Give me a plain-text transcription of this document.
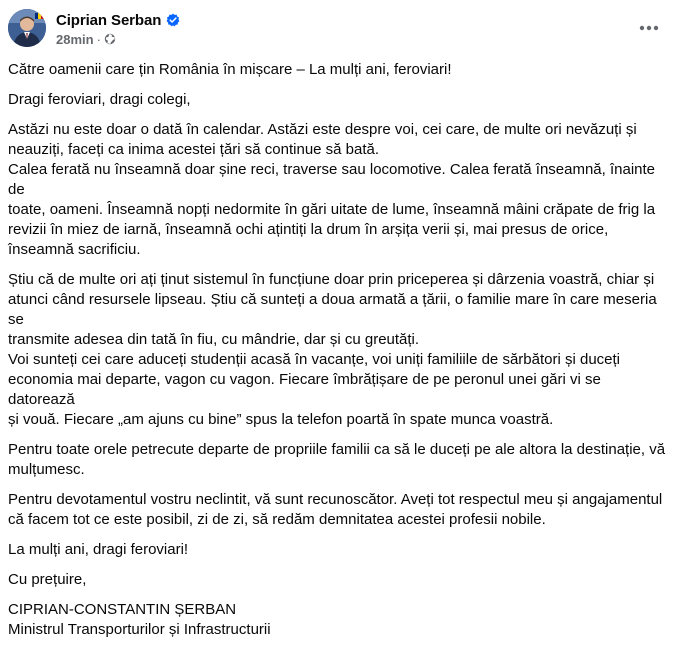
Ciprian Serban
28min ·

Către oamenii care țin România în mișcare – La mulți ani, feroviari!

Dragi feroviari, dragi colegi,

Astăzi nu este doar o dată în calendar. Astăzi este despre voi, cei care, de multe ori nevăzuți și
neauziți, faceți ca inima acestei țări să continue să bată.
Calea ferată nu înseamnă doar șine reci, traverse sau locomotive. Calea ferată înseamnă, înainte de
toate, oameni. Înseamnă nopți nedormite în gări uitate de lume, înseamnă mâini crăpate de frig la
revizii în miez de iarnă, înseamnă ochi ațintiți la drum în arșița verii și, mai presus de orice,
înseamnă sacrificiu.

Știu că de multe ori ați ținut sistemul în funcțiune doar prin priceperea și dârzenia voastră, chiar și
atunci când resursele lipseau. Știu că sunteți a doua armată a țării, o familie mare în care meseria se
transmite adesea din tată în fiu, cu mândrie, dar și cu greutăți.
Voi sunteți cei care aduceți studenții acasă în vacanțe, voi uniți familiile de sărbători și duceți
economia mai departe, vagon cu vagon. Fiecare îmbrățișare de pe peronul unei gări vi se datorează
și vouă. Fiecare „am ajuns cu bine” spus la telefon poartă în spate munca voastră.

Pentru toate orele petrecute departe de propriile familii ca să le duceți pe ale altora la destinație, vă
mulțumesc.

Pentru devotamentul vostru neclintit, vă sunt recunoscător. Aveți tot respectul meu și angajamentul
că facem tot ce este posibil, zi de zi, să redăm demnitatea acestei profesii nobile.

La mulți ani, dragi feroviari!

Cu prețuire,

CIPRIAN-CONSTANTIN ȘERBAN
Ministrul Transporturilor și Infrastructurii
